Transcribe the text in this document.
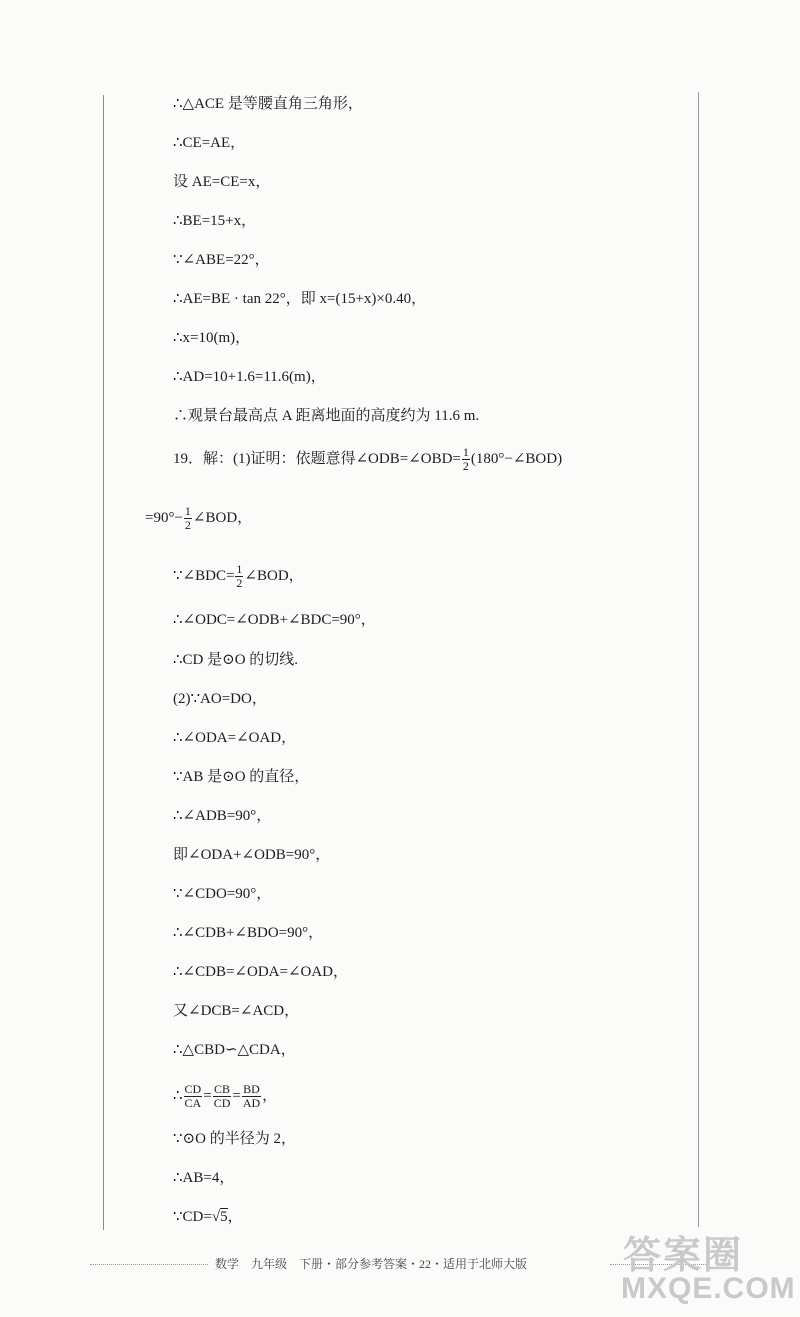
∴△ACE 是等腰直角三角形，
∴CE=AE，
设 AE=CE=x，
∴BE=15+x，
∵∠ABE=22°，
∴AE=BE · tan 22°，即 x=(15+x)×0.40，
∴x=10(m)，
∴AD=10+1.6=11.6(m)，
∴观景台最高点 A 距离地面的高度约为 11.6 m.
19．解：(1)证明：依题意得∠ODB=∠OBD= $\frac{1}{2}$ (180°−∠BOD)
$=90^\circ- \frac{1}{2}$ ∠BOD，
∵∠BDC= $\frac{1}{2}$ ∠BOD，
∴∠ODC=∠ODB+∠BDC=90°，
∴CD 是⊙O 的切线.
(2)∵AO=DO，
∴∠ODA=∠OAD，
∵AB 是⊙O 的直径，
∴∠ADB=90°，
即∠ODA+∠ODB=90°，
∵∠CDO=90°，
∴∠CDB+∠BDO=90°，
∴∠CDB=∠ODA=∠OAD，
又∠DCB=∠ACD，
∴△CBD∽△CDA，
∴ $\frac{CD}{CA} = \frac{CB}{CD} = \frac{BD}{AD}$ ，
∵⊙O 的半径为 2，
∴AB=4，
∵CD=√5，
数学　九年级　下册・部分参考答案・22・适用于北师大版	答案圈
MXQE.COM
